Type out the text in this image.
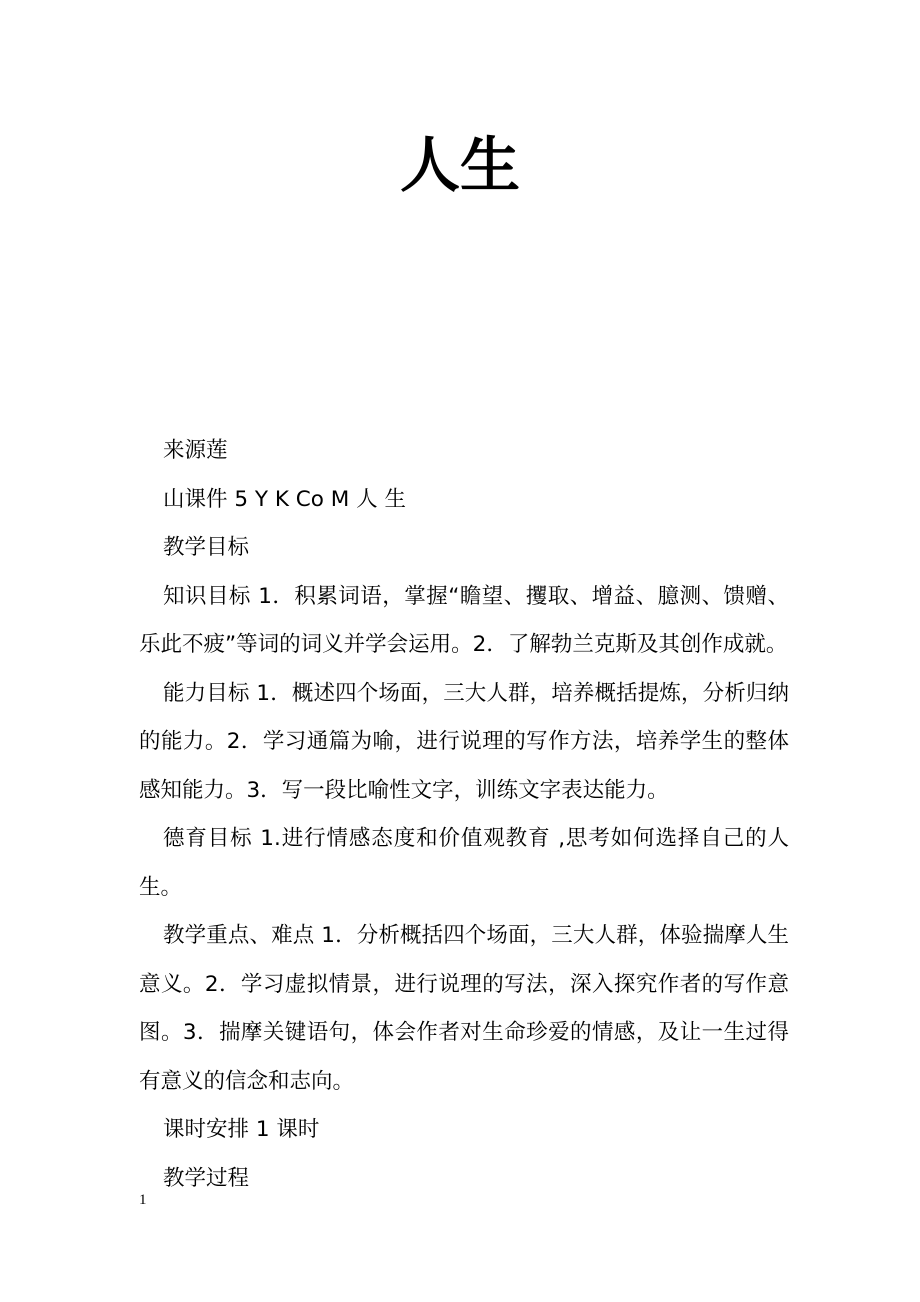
人生

来源莲

山课件 5 Y K Co M 人 生

教学目标

知识目标 1．积累词语，掌握“瞻望、攫取、增益、臆测、馈赠、乐此不疲”等词的词义并学会运用。2．了解勃兰克斯及其创作成就。

能力目标 1．概述四个场面，三大人群，培养概括提炼，分析归纳的能力。2．学习通篇为喻，进行说理的写作方法，培养学生的整体感知能力。3．写一段比喻性文字，训练文字表达能力。

德育目标 1.进行情感态度和价值观教育 ,思考如何选择自己的人生。

教学重点、难点 1．分析概括四个场面，三大人群，体验揣摩人生意义。2．学习虚拟情景，进行说理的写法，深入探究作者的写作意图。3．揣摩关键语句，体会作者对生命珍爱的情感，及让一生过得有意义的信念和志向。

课时安排 1 课时

教学过程

1
